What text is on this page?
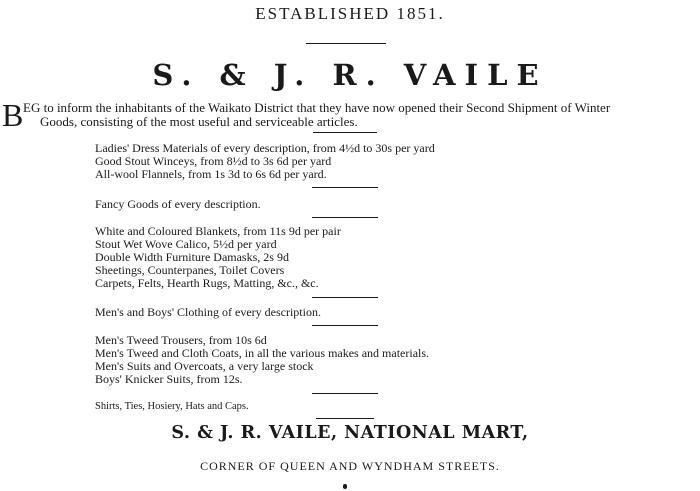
ESTABLISHED 1851.
S. & J. R. VAILE
B EG to inform the inhabitants of the Waikato District that they have now opened their Second Shipment of Winter
Goods, consisting of the most useful and serviceable articles.
Ladies' Dress Materials of every description, from 4½d to 30s per yard
Good Stout Winceys, from 8½d to 3s 6d per yard
All-wool Flannels, from 1s 3d to 6s 6d per yard.
Fancy Goods of every description.
White and Coloured Blankets, from 11s 9d per pair
Stout Wet Wove Calico, 5½d per yard
Double Width Furniture Damasks, 2s 9d
Sheetings, Counterpanes, Toilet Covers
Carpets, Felts, Hearth Rugs, Matting, &c., &c.
Men's and Boys' Clothing of every description.
Men's Tweed Trousers, from 10s 6d
Men's Tweed and Cloth Coats, in all the various makes and materials.
Men's Suits and Overcoats, a very large stock
Boys' Knicker Suits, from 12s.
Shirts, Ties, Hosiery, Hats and Caps.
S. & J. R. VAILE, NATIONAL MART,
CORNER OF QUEEN AND WYNDHAM STREETS.
